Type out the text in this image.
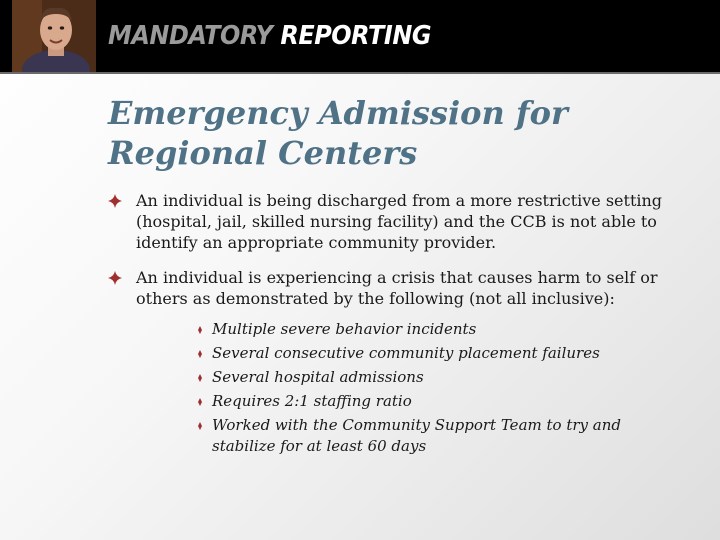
MANDATORY REPORTING
Emergency Admission for Regional Centers
An individual is being discharged from a more restrictive setting (hospital, jail, skilled nursing facility) and the CCB is not able to identify an appropriate community provider.
An individual is experiencing a crisis that causes harm to self or others as demonstrated by the following (not all inclusive):
Multiple severe behavior incidents
Several consecutive community placement failures
Several hospital admissions
Requires 2:1 staffing ratio
Worked with the Community Support Team to try and stabilize for at least 60 days
